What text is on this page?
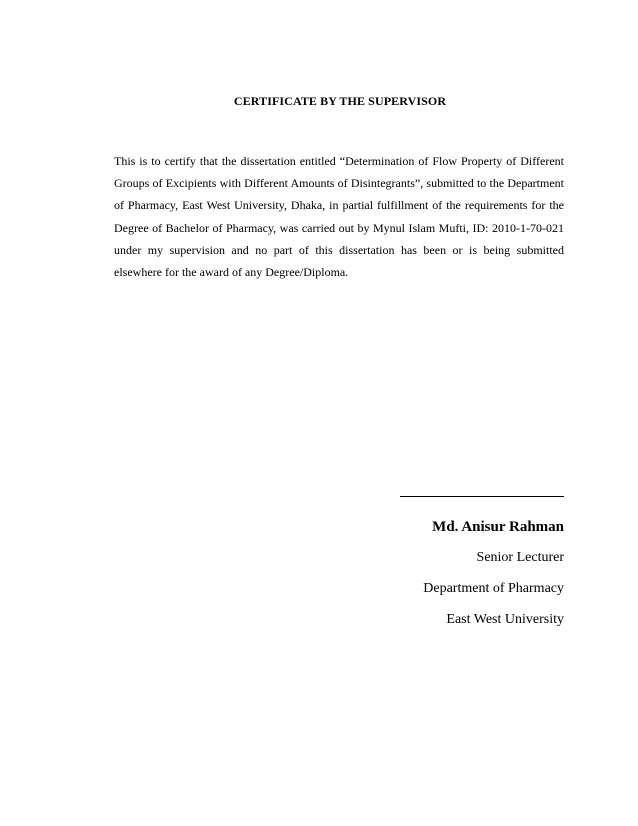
CERTIFICATE BY THE SUPERVISOR
This is to certify that the dissertation entitled “Determination of Flow Property of Different Groups of Excipients with Different Amounts of Disintegrants”, submitted to the Department of Pharmacy, East West University, Dhaka, in partial fulfillment of the requirements for the Degree of Bachelor of Pharmacy, was carried out by Mynul Islam Mufti, ID: 2010-1-70-021 under my supervision and no part of this dissertation has been or is being submitted elsewhere for the award of any Degree/Diploma.
Md. Anisur Rahman
Senior Lecturer
Department of Pharmacy
East West University
